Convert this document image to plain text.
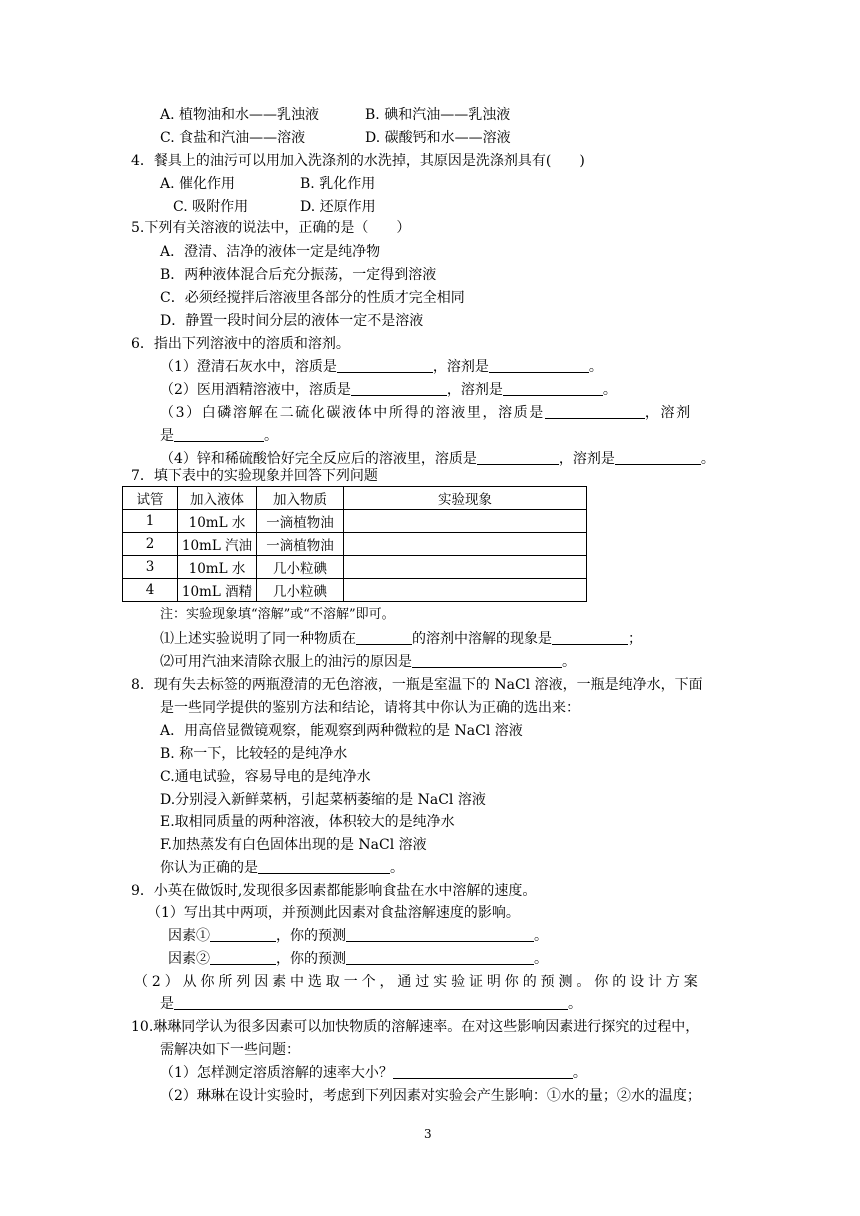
A. 植物油和水——乳浊液	B. 碘和汽油——乳浊液
C. 食盐和汽油——溶液	D. 碳酸钙和水——溶液
4．餐具上的油污可以用加入洗涤剂的水洗掉，其原因是洗涤剂具有(　　)
A. 催化作用	B. 乳化作用
C. 吸附作用	D. 还原作用
5.下列有关溶液的说法中，正确的是（　　）
A．澄清、洁净的液体一定是纯净物
B．两种液体混合后充分振荡，一定得到溶液
C．必须经搅拌后溶液里各部分的性质才完全相同
D．静置一段时间分层的液体一定不是溶液
6．指出下列溶液中的溶质和溶剂。
（1）澄清石灰水中，溶质是	，溶剂是	。
（2）医用酒精溶液中，溶质是	，溶剂是	。
（3）白磷溶解在二硫化碳液体中所得的溶液里，溶质是	，溶剂
是	。
（4）锌和稀硫酸恰好完全反应后的溶液里，溶质是	，溶剂是	。
7．填下表中的实验现象并回答下列问题
试管	加入液体	加入物质	实验现象
1	10mL 水	一滴植物油	
2	10mL 汽油	一滴植物油	
3	10mL 水	几小粒碘	
4	10mL 酒精	几小粒碘	
注：实验现象填“溶解”或“不溶解”即可。
⑴上述实验说明了同一种物质在	的溶剂中溶解的现象是	；
⑵可用汽油来清除衣服上的油污的原因是	。
8．现有失去标签的两瓶澄清的无色溶液，一瓶是室温下的 NaCl 溶液，一瓶是纯净水，下面
是一些同学提供的鉴别方法和结论，请将其中你认为正确的选出来：
A．用高倍显微镜观察，能观察到两种微粒的是 NaCl 溶液
B. 称一下，比较轻的是纯净水
C.通电试验，容易导电的是纯净水
D.分别浸入新鲜菜柄，引起菜柄萎缩的是 NaCl 溶液
E.取相同质量的两种溶液，体积较大的是纯净水
F.加热蒸发有白色固体出现的是 NaCl 溶液
你认为正确的是	。
9．小英在做饭时,发现很多因素都能影响食盐在水中溶解的速度。
（1）写出其中两项，并预测此因素对食盐溶解速度的影响。
因素①	，你的预测	。
因素②	，你的预测	。
（2）从你所列因素中选取一个，通过实验证明你的预测。你的设计方案
是	。
10.琳琳同学认为很多因素可以加快物质的溶解速率。在对这些影响因素进行探究的过程中，
需解决如下一些问题：
（1）怎样测定溶质溶解的速率大小？	。
（2）琳琳在设计实验时，考虑到下列因素对实验会产生影响：①水的量；②水的温度；
3
